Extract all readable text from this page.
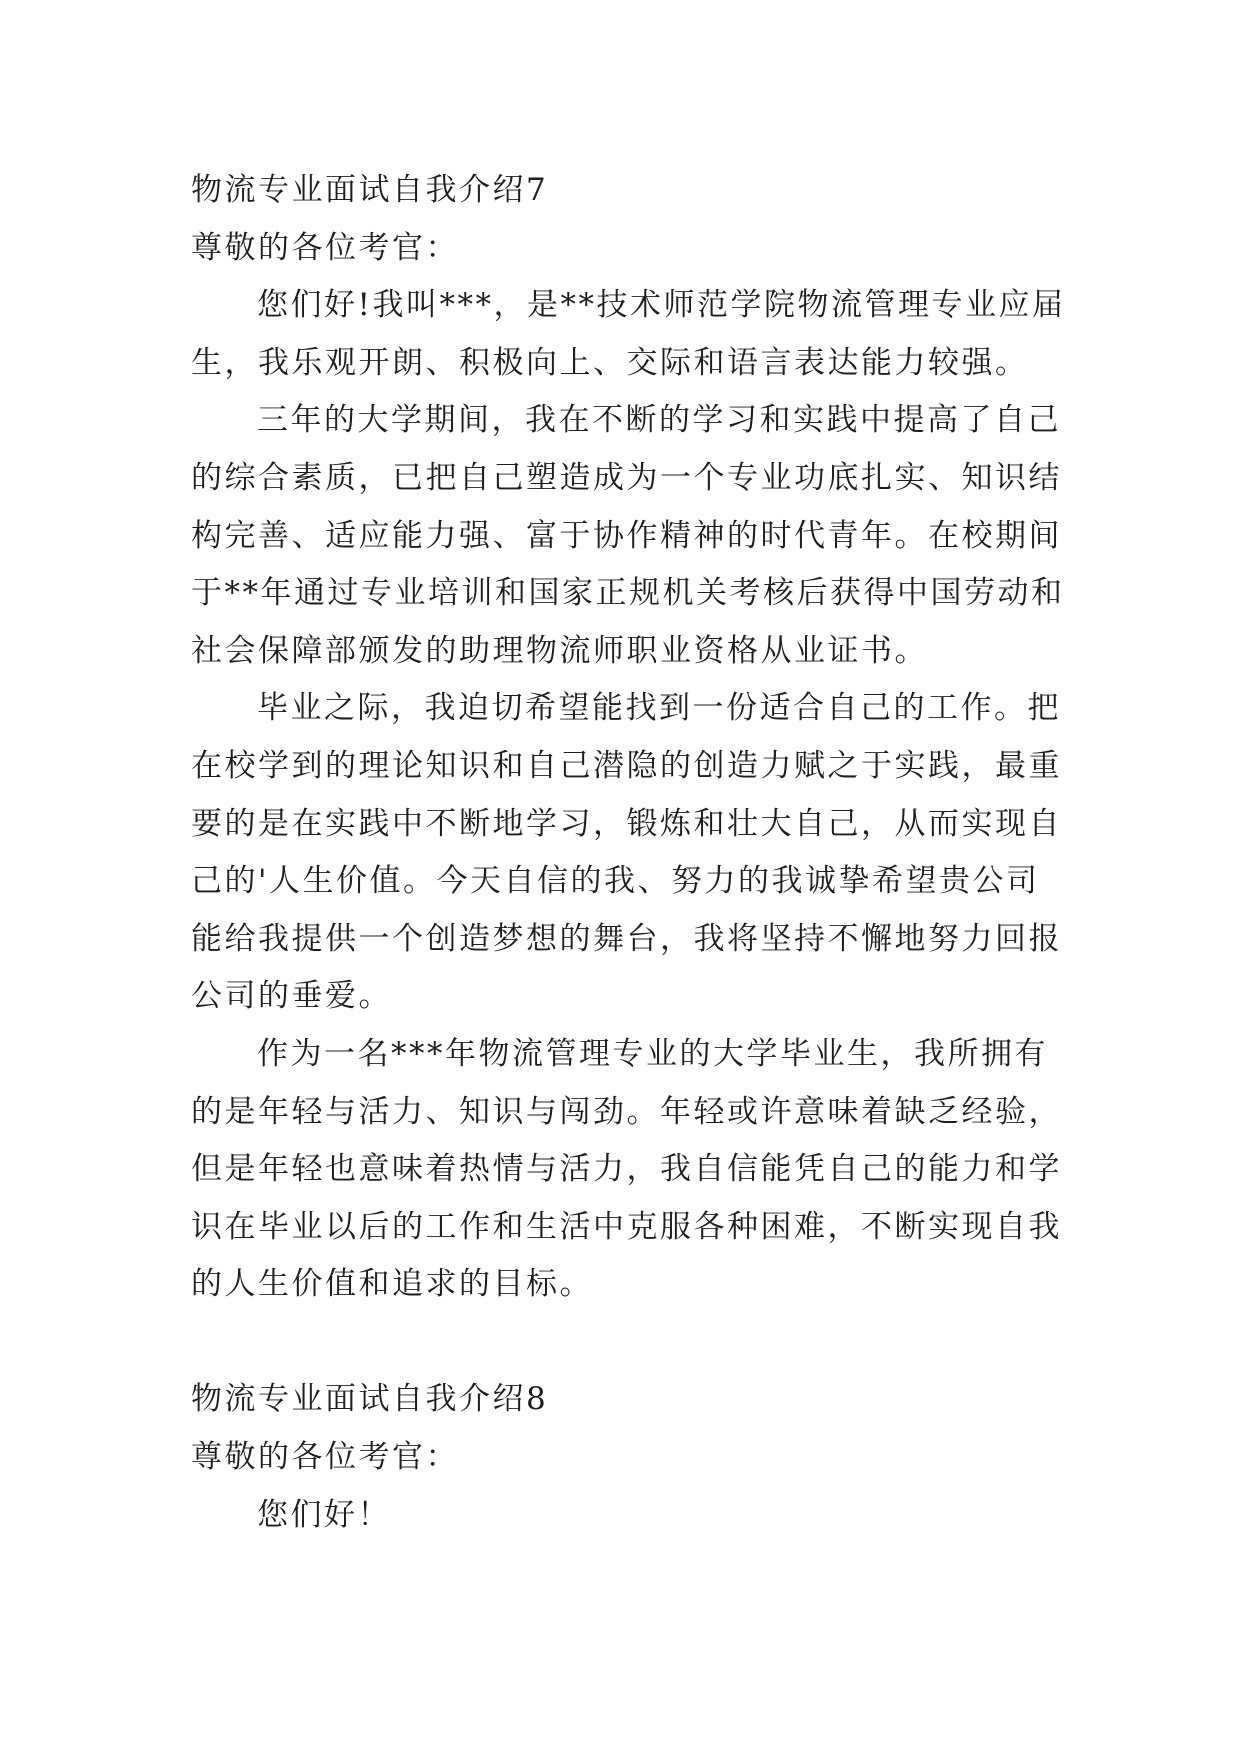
物流专业面试自我介绍7
尊敬的各位考官：
您们好!我叫***，是**技术师范学院物流管理专业应届
生，我乐观开朗、积极向上、交际和语言表达能力较强。
三年的大学期间，我在不断的学习和实践中提高了自己
的综合素质，已把自己塑造成为一个专业功底扎实、知识结
构完善、适应能力强、富于协作精神的时代青年。在校期间
于**年通过专业培训和国家正规机关考核后获得中国劳动和
社会保障部颁发的助理物流师职业资格从业证书。
毕业之际，我迫切希望能找到一份适合自己的工作。把
在校学到的理论知识和自己潜隐的创造力赋之于实践，最重
要的是在实践中不断地学习，锻炼和壮大自己，从而实现自
己的'人生价值。今天自信的我、努力的我诚挚希望贵公司
能给我提供一个创造梦想的舞台，我将坚持不懈地努力回报
公司的垂爱。
作为一名***年物流管理专业的大学毕业生，我所拥有
的是年轻与活力、知识与闯劲。年轻或许意味着缺乏经验，
但是年轻也意味着热情与活力，我自信能凭自己的能力和学
识在毕业以后的工作和生活中克服各种困难，不断实现自我
的人生价值和追求的目标。
物流专业面试自我介绍8
尊敬的各位考官：
您们好！
